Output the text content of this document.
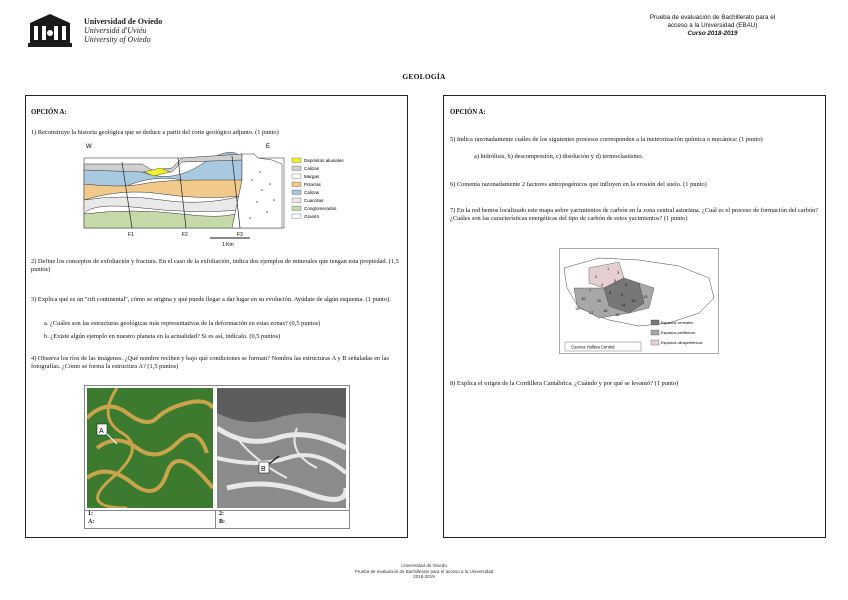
Universidad de Oviedo
Universidá d'Uviéu
University of Oviedo
Prueba de evaluación de Bachillerato para el
acceso a la Universidad (EBAU)
Curso 2018-2019
GEOLOGÍA
OPCIÓN A:
1) Reconstruye la historia geológica que se deduce a partir del corte geológico adjunto. (1 punto)
W	E
F1	F2	F3
1 Km
Depósitos aluviales
Calizas
Margas
Pizarras
Calizas
Cuarcitas
Conglomerados
Granito
2) Define los conceptos de exfoliación y fractura. En el caso de la exfoliación, indica dos ejemplos de minerales que tengan esta propiedad. (1,5 puntos)
3) Explica qué es un "rift continental", cómo se origina y qué puede llegar a dar lugar en su evolución. Ayúdate de algún esquema. (1 punto).
a. ¿Cuáles son las estructuras geológicas más representativas de la deformación en estas zonas? (0,5 puntos)
b. ¿Existe algún ejemplo en nuestro planeta en la actualidad? Si es así, indícalo. (0,5 puntos)
4) Observa los ríos de las imágenes. ¿Qué nombre reciben y bajo qué condiciones se forman? Nombra las estructuras A y B señaladas en las fotografías. ¿Cómo se forma la estructura A? (1,5 puntos)
A
B
1:
A:
2:
B:
OPCIÓN A:
5) Indica razonadamente cuáles de los siguientes procesos corresponden a la meteorización química o mecánica: (1 punto)
a) hidrólisis, b) descompresión, c) disolución y d) termoclastismo.
6) Comenta razonadamente 2 factores antropogénicos que influyen en la erosión del suelo. (1 punto)
7) En la red hemos localizado este mapa sobre yacimientos de carbón en la zona central asturiana. ¿Cuál es el proceso de formación del carbón? ¿Cuáles son las características energéticas del tipo de carbón de estos yacimientos? (1 punto)
1
2
3
4
5
6
7	8 9
10	11	12
13
14
15	16
17	18
Espacios centrales
Espacios periféricos
Espacios ultraperiféricos
Cuenca Hullera Central
8) Explica el origen de la Cordillera Cantábrica. ¿Cuándo y por qué se levantó? (1 punto)
Universidad de Oviedo
Prueba de evaluación de Bachillerato para el acceso a la Universidad
2018-2019
